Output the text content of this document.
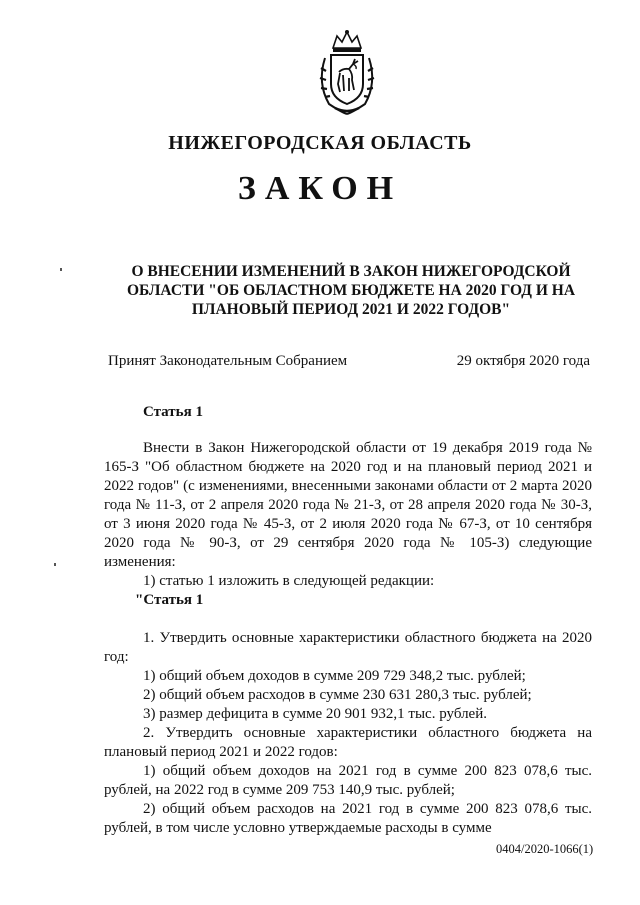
НИЖЕГОРОДСКАЯ ОБЛАСТЬ
ЗАКОН
О ВНЕСЕНИИ ИЗМЕНЕНИЙ В ЗАКОН НИЖЕГОРОДСКОЙ
ОБЛАСТИ "ОБ ОБЛАСТНОМ БЮДЖЕТЕ НА 2020 ГОД И НА
ПЛАНОВЫЙ ПЕРИОД 2021 И 2022 ГОДОВ"
Принят Законодательным Собранием	29 октября 2020 года
Статья 1

Внести в Закон Нижегородской области от 19 декабря 2019 года № 165-З "Об областном бюджете на 2020 год и на плановый период 2021 и 2022 годов" (с изменениями, внесенными законами области от 2 марта 2020 года № 11-З, от 2 апреля 2020 года № 21-З, от 28 апреля 2020 года № 30-З, от 3 июня 2020 года № 45-З, от 2 июля 2020 года № 67-З, от 10 сентября 2020 года № 90-З, от 29 сентября 2020 года № 105-З) следующие изменения:

1) статью 1 изложить в следующей редакции:

"Статья 1

1. Утвердить основные характеристики областного бюджета на 2020 год:

1) общий объем доходов в сумме 209 729 348,2 тыс. рублей;

2) общий объем расходов в сумме 230 631 280,3 тыс. рублей;

3) размер дефицита в сумме 20 901 932,1 тыс. рублей.

2. Утвердить основные характеристики областного бюджета на плановый период 2021 и 2022 годов:

1) общий объем доходов на 2021 год в сумме 200 823 078,6 тыс. рублей, на 2022 год в сумме 209 753 140,9 тыс. рублей;

2) общий объем расходов на 2021 год в сумме 200 823 078,6 тыс. рублей, в том числе условно утверждаемые расходы в сумме

0404/2020-1066(1)
